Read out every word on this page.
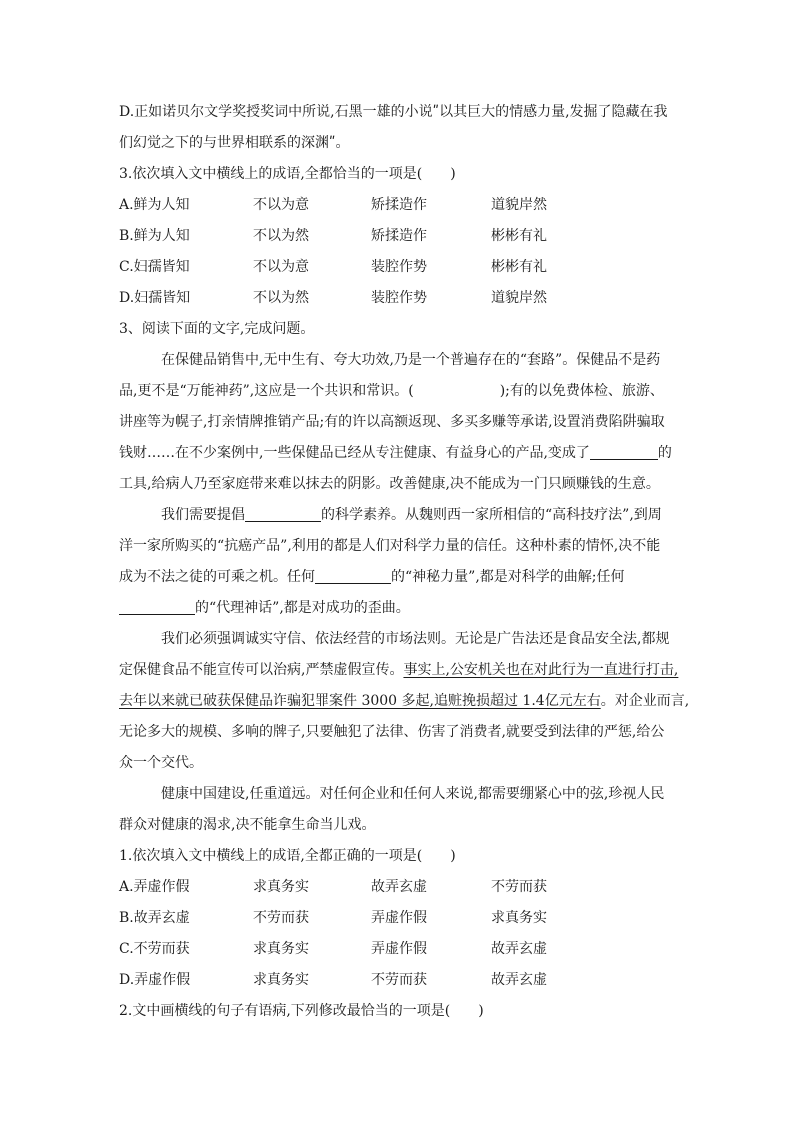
D.正如诺贝尔文学奖授奖词中所说,石黑一雄的小说ʺ以其巨大的情感力量,发掘了隐藏在我
们幻觉之下的与世界相联系的深渊ʺ。
3.依次填入文中横线上的成语,全都恰当的一项是( )
A.鲜为人知	不以为意	矫揉造作	道貌岸然
B.鲜为人知	不以为然	矫揉造作	彬彬有礼
C.妇孺皆知	不以为意	装腔作势	彬彬有礼
D.妇孺皆知	不以为然	装腔作势	道貌岸然
3、阅读下面的文字,完成问题。
在保健品销售中,无中生有、夸大功效,乃是一个普遍存在的“套路”。保健品不是药
品,更不是“万能神药”,这应是一个共识和常识。(	);有的以免费体检、旅游、
讲座等为幌子,打亲情牌推销产品;有的许以高额返现、多买多赚等承诺,设置消费陷阱骗取
钱财……在不少案例中,一些保健品已经从专注健康、有益身心的产品,变成了	的
工具,给病人乃至家庭带来难以抹去的阴影。改善健康,决不能成为一门只顾赚钱的生意。
我们需要提倡	的科学素养。从魏则西一家所相信的“高科技疗法”,到周
洋一家所购买的“抗癌产品”,利用的都是人们对科学力量的信任。这种朴素的情怀,决不能
成为不法之徒的可乘之机。任何	的“神秘力量”,都是对科学的曲解;任何
的“代理神话”,都是对成功的歪曲。
我们必须强调诚实守信、依法经营的市场法则。无论是广告法还是食品安全法,都规
定保健食品不能宣传可以治病,严禁虚假宣传。事实上,公安机关也在对此行为一直进行打击,
去年以来就已破获保健品诈骗犯罪案件 3000 多起,追赃挽损超过 1.4亿元左右。对企业而言,
无论多大的规模、多响的牌子,只要触犯了法律、伤害了消费者,就要受到法律的严惩,给公
众一个交代。
健康中国建设,任重道远。对任何企业和任何人来说,都需要绷紧心中的弦,珍视人民
群众对健康的渴求,决不能拿生命当儿戏。
1.依次填入文中横线上的成语,全都正确的一项是( )
A.弄虚作假	求真务实	故弄玄虚	不劳而获
B.故弄玄虚	不劳而获	弄虚作假	求真务实
C.不劳而获	求真务实	弄虚作假	故弄玄虚
D.弄虚作假	求真务实	不劳而获	故弄玄虚
2.文中画横线的句子有语病,下列修改最恰当的一项是( )
